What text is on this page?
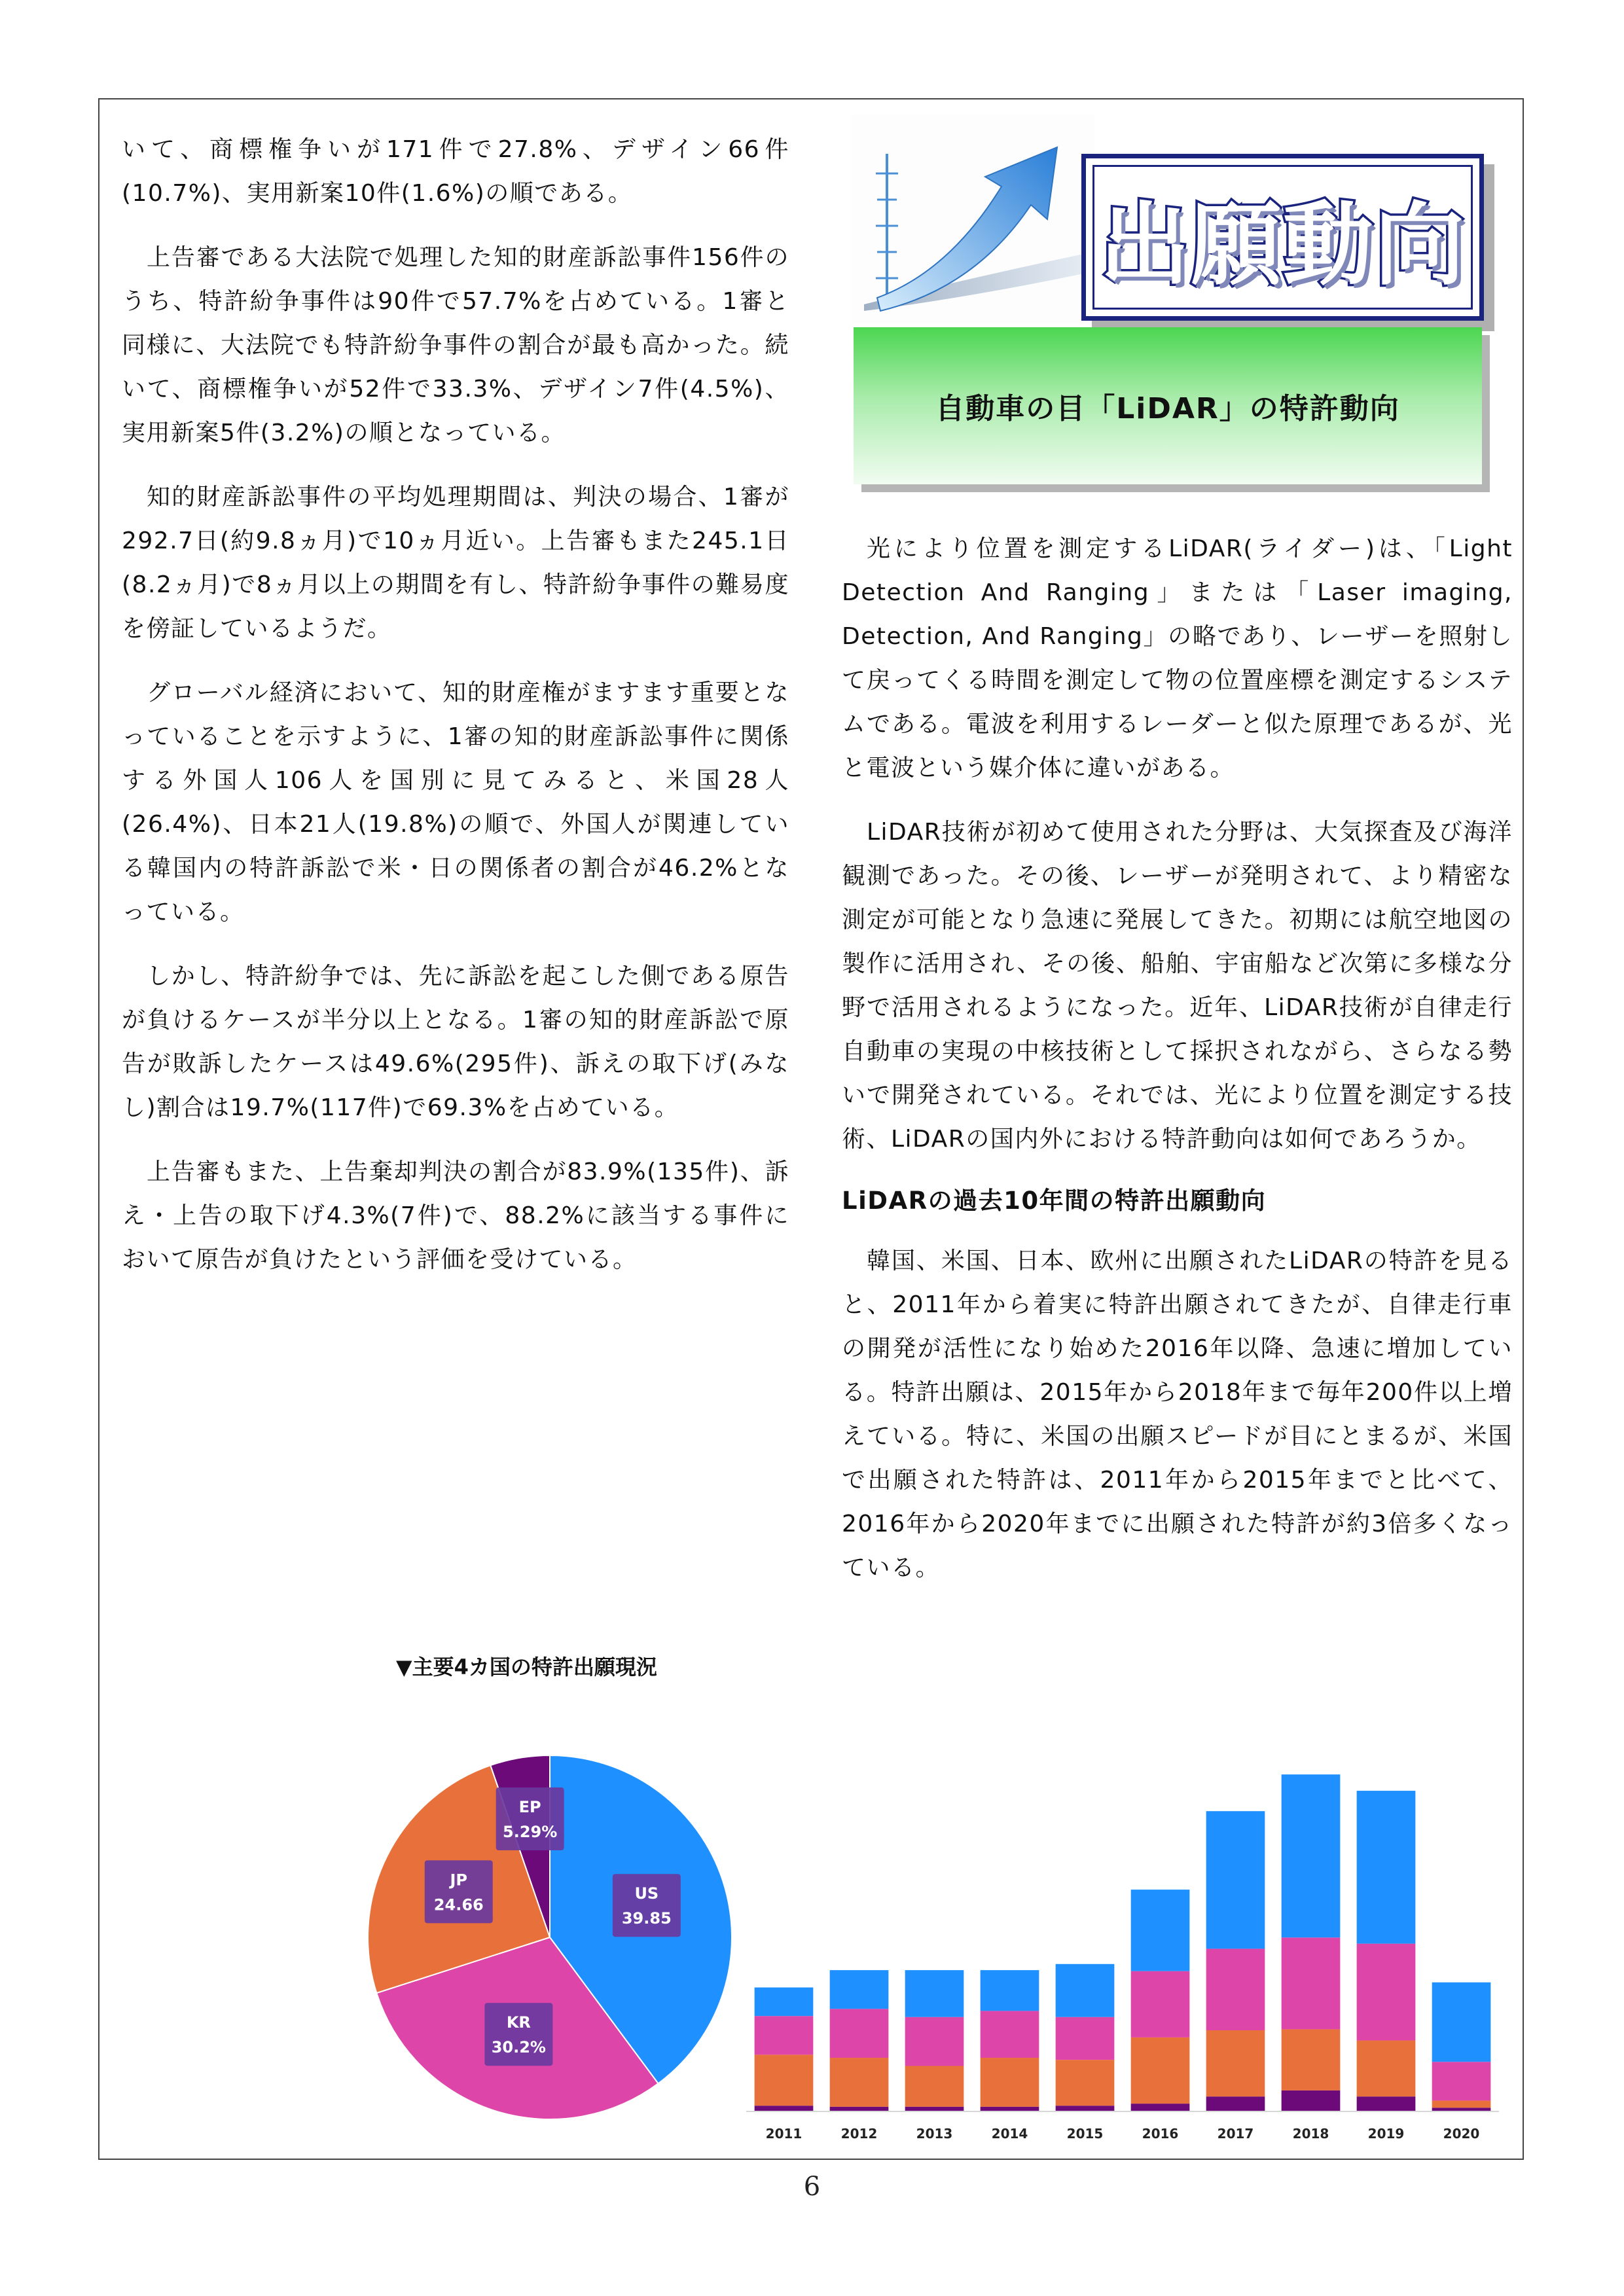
いて、商標権争いが171件で27.8%、デザイン66件(10.7%)、実用新案10件(1.6%)の順である。

上告審である大法院で処理した知的財産訴訟事件156件のうち、特許紛争事件は90件で57.7%を占めている。1審と同様に、大法院でも特許紛争事件の割合が最も高かった。続いて、商標権争いが52件で33.3%、デザイン7件(4.5%)、実用新案5件(3.2%)の順となっている。

知的財産訴訟事件の平均処理期間は、判決の場合、1審が292.7日(約9.8ヵ月)で10ヵ月近い。上告審もまた245.1日(8.2ヵ月)で8ヵ月以上の期間を有し、特許紛争事件の難易度を傍証しているようだ。

グローバル経済において、知的財産権がますます重要となっていることを示すように、1審の知的財産訴訟事件に関係する外国人106人を国別に見てみると、米国28人(26.4%)、日本21人(19.8%)の順で、外国人が関連している韓国内の特許訴訟で米・日の関係者の割合が46.2%となっている。

しかし、特許紛争では、先に訴訟を起こした側である原告が負けるケースが半分以上となる。1審の知的財産訴訟で原告が敗訴したケースは49.6%(295件)、訴えの取下げ(みなし)割合は19.7%(117件)で69.3%を占めている。

上告審もまた、上告棄却判決の割合が83.9%(135件)、訴え・上告の取下げ4.3%(7件)で、88.2%に該当する事件において原告が負けたという評価を受けている。

出願動向
自動車の目「LiDAR」の特許動向

光により位置を測定するLiDAR(ライダー)は、「Light Detection And Ranging」または「Laser imaging, Detection, And Ranging」の略であり、レーザーを照射して戻ってくる時間を測定して物の位置座標を測定するシステムである。電波を利用するレーダーと似た原理であるが、光と電波という媒介体に違いがある。

LiDAR技術が初めて使用された分野は、大気探査及び海洋観測であった。その後、レーザーが発明されて、より精密な測定が可能となり急速に発展してきた。初期には航空地図の製作に活用され、その後、船舶、宇宙船など次第に多様な分野で活用されるようになった。近年、LiDAR技術が自律走行自動車の実現の中核技術として採択されながら、さらなる勢いで開発されている。それでは、光により位置を測定する技術、LiDARの国内外における特許動向は如何であろうか。

LiDARの過去10年間の特許出願動向

韓国、米国、日本、欧州に出願されたLiDARの特許を見ると、2011年から着実に特許出願されてきたが、自律走行車の開発が活性になり始めた2016年以降、急速に増加している。特許出願は、2015年から2018年まで毎年200件以上増えている。特に、米国の出願スピードが目にとまるが、米国で出願された特許は、2011年から2015年までと比べて、2016年から2020年までに出願された特許が約3倍多くなっている。

▼主要4カ国の特許出願現況
US
39.85
KR
30.2%
JP
24.66
EP
5.29%
2011	2012	2013	2014	2015	2016	2017	2018	2019	2020
6
